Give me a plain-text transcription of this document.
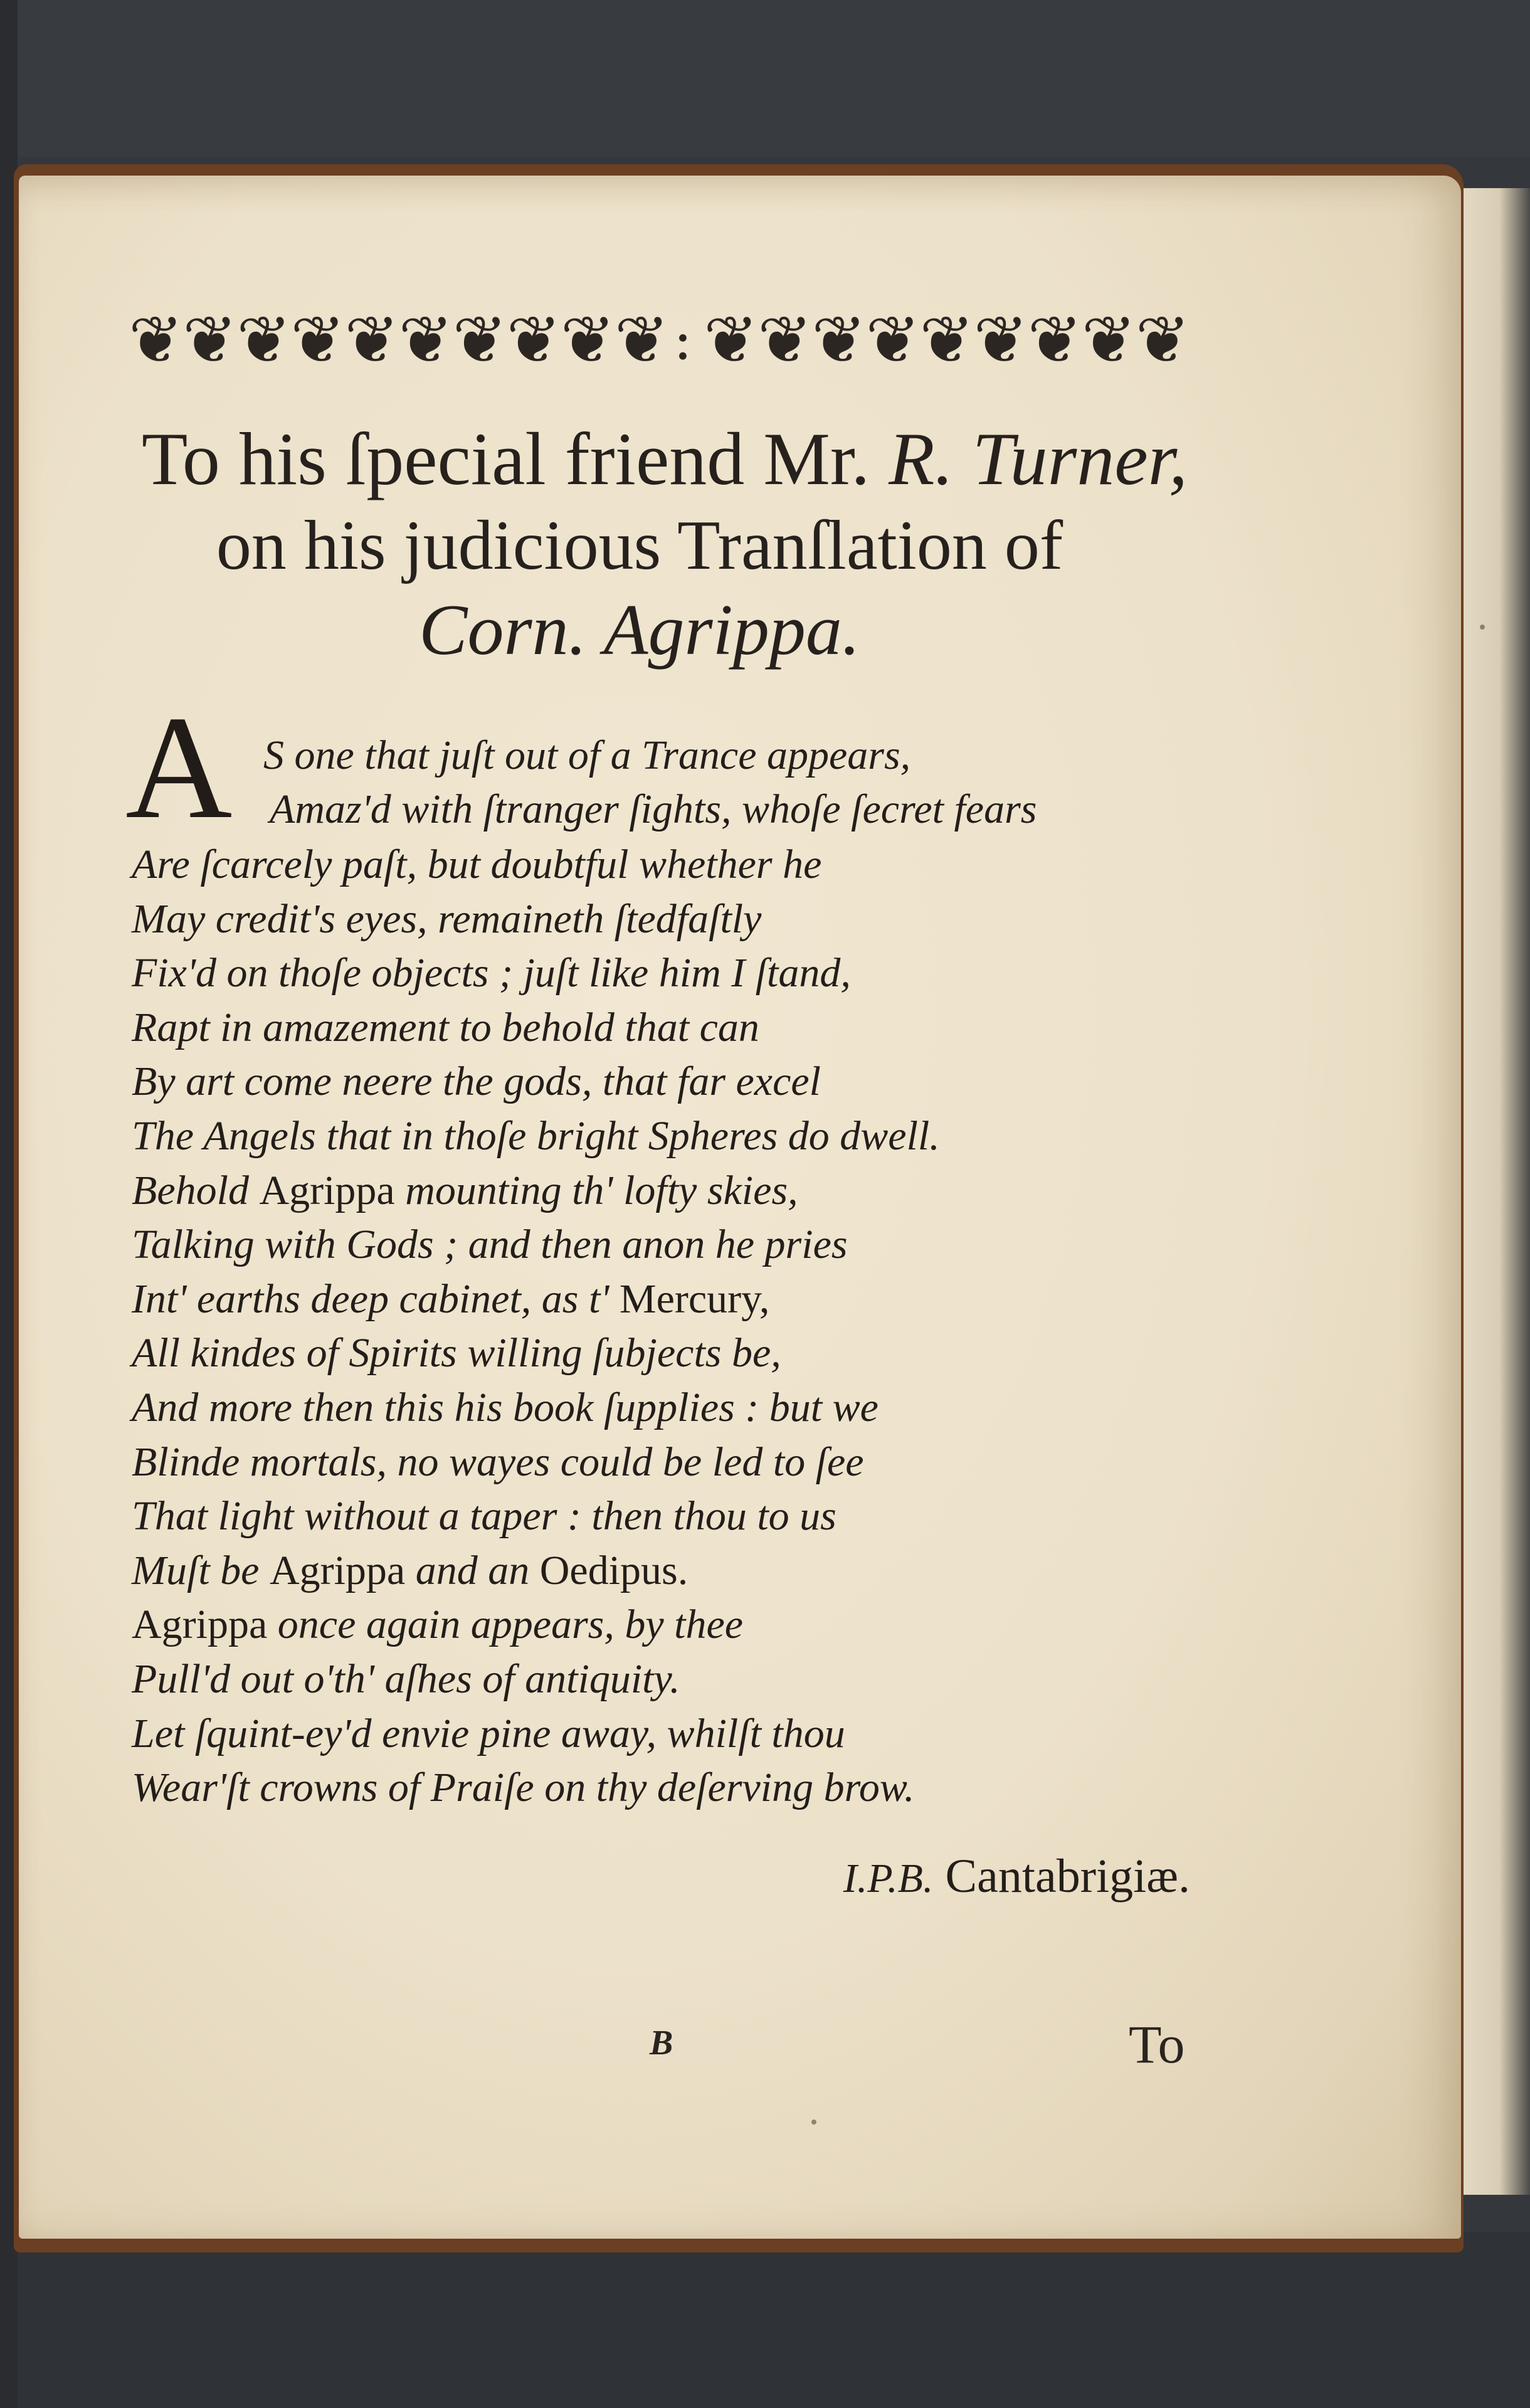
❦ ❦ ❦ ❦ ❦ ❦ ❦ ❦ ❦ ❦ : ❦ ❦ ❦ ❦ ❦ ❦ ❦ ❦ ❦
To his ſpecial friend Mr. R. Turner,
on his judicious Tranſlation of
Corn. Agrippa.
A S one that juſt out of a Trance appears,
Amaz'd with ſtranger ſights, whoſe ſecret fears
Are ſcarcely paſt, but doubtful whether he
May credit's eyes, remaineth ſtedfaſtly
Fix'd on thoſe objects ; juſt like him I ſtand,
Rapt in amazement to behold that can
By art come neere the gods, that far excel
The Angels that in thoſe bright Spheres do dwell.
Behold Agrippa mounting th' lofty skies,
Talking with Gods ; and then anon he pries
Int' earths deep cabinet, as t' Mercury,
All kindes of Spirits willing ſubjects be,
And more then this his book ſupplies : but we
Blinde mortals, no wayes could be led to ſee
That light without a taper : then thou to us
Muſt be Agrippa and an Oedipus.
Agrippa once again appears, by thee
Pull'd out o'th' aſhes of antiquity.
Let ſquint-ey'd envie pine away, whilſt thou
Wear'ſt crowns of Praiſe on thy deſerving brow.
I.P.B. Cantabrigiæ.
B	To
